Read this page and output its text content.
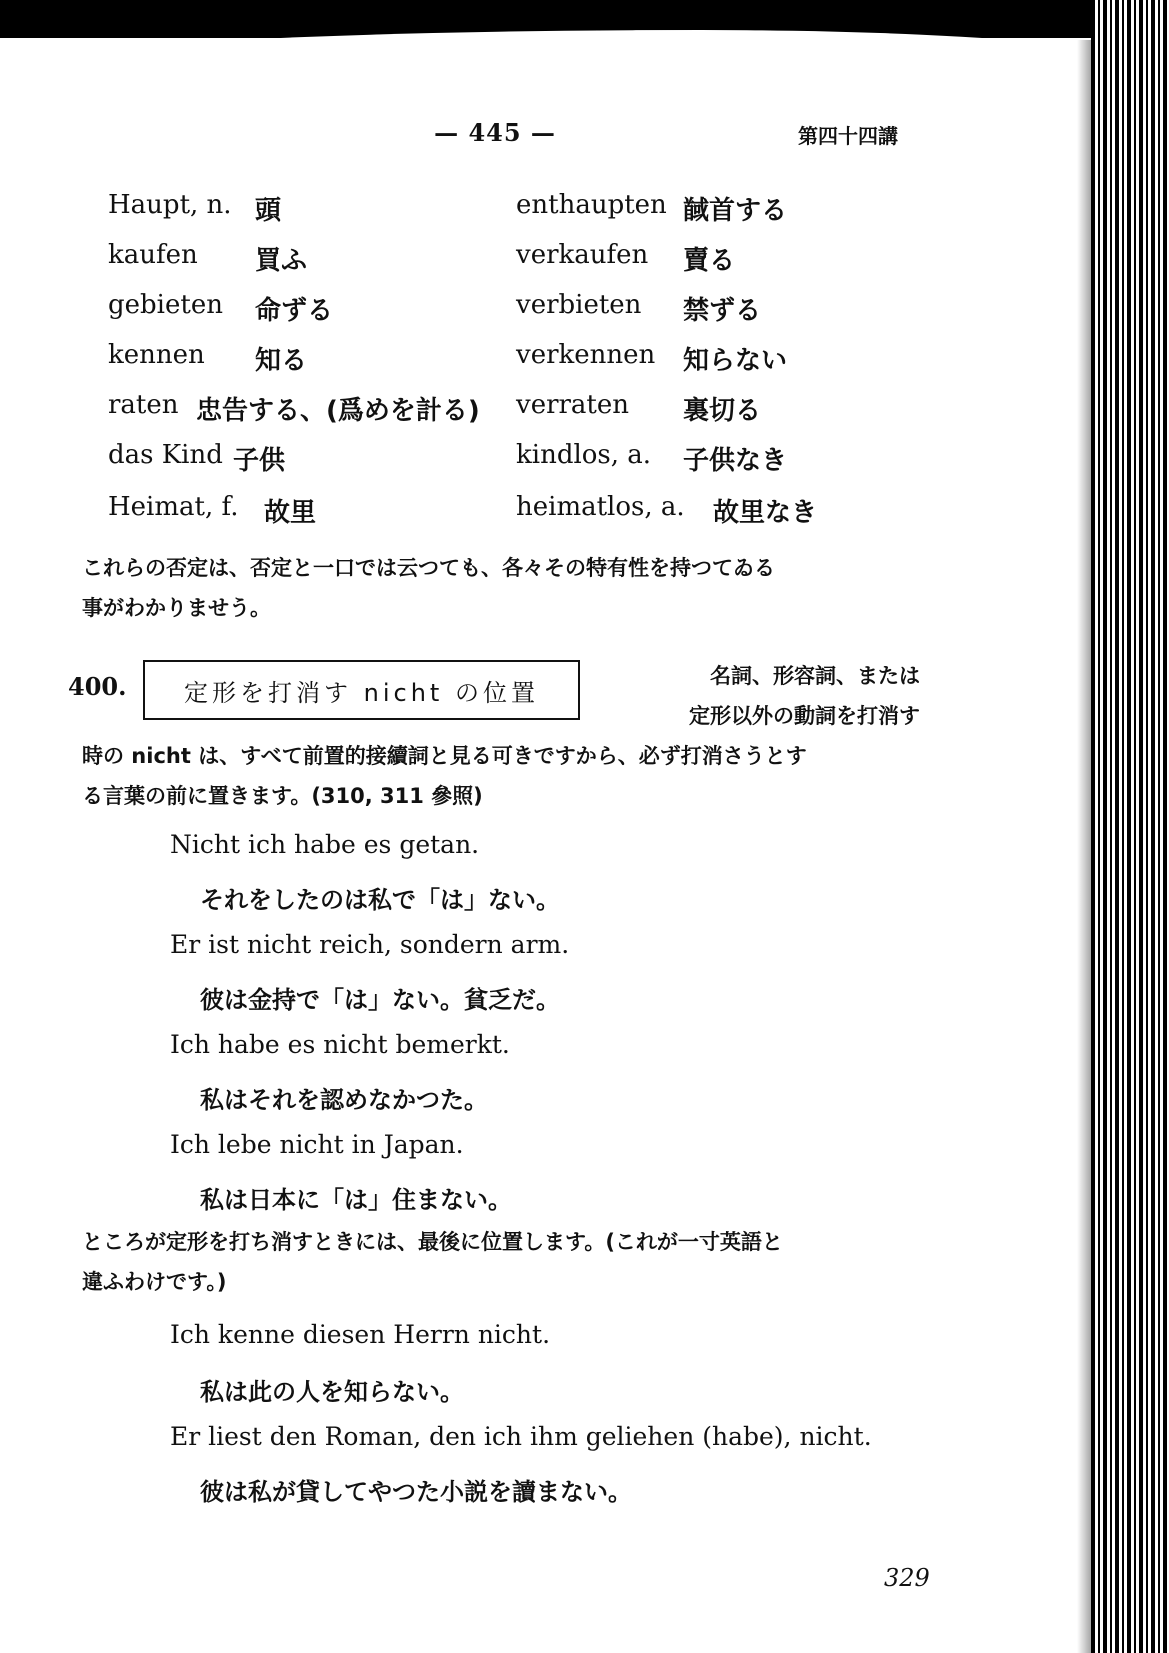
— 445 —	第四十四講
Haupt, n. 頭	enthaupten 馘首する
kaufen 買ふ	verkaufen 賣る
gebieten 命ずる	verbieten 禁ずる
kennen 知る	verkennen 知らない
raten 忠告する、(爲めを計る) verraten 裏切る
das Kind 子供	kindlos, a. 子供なき
Heimat, f. 故里	heimatlos, a. 故里なき
これらの否定は、否定と一口では云つても、各々その特有性を持つてゐる
事がわかりませう。
400. 定形を打消す nicht の位置
名詞、形容詞、または
定形以外の動詞を打消す
時の nicht は、すべて前置的接續詞と見る可きですから、必ず打消さうとす
る言葉の前に置きます。(310, 311 參照)
Nicht ich habe es getan.
それをしたのは私で「は」ない。
Er ist nicht reich, sondern arm.
彼は金持で「は」ない。貧乏だ。
Ich habe es nicht bemerkt.
私はそれを認めなかつた。
Ich lebe nicht in Japan.
私は日本に「は」住まない。
ところが定形を打ち消すときには、最後に位置します。(これが一寸英語と
違ふわけです。)
Ich kenne diesen Herrn nicht.
私は此の人を知らない。
Er liest den Roman, den ich ihm geliehen (habe), nicht.
彼は私が貸してやつた小説を讀まない。
329
